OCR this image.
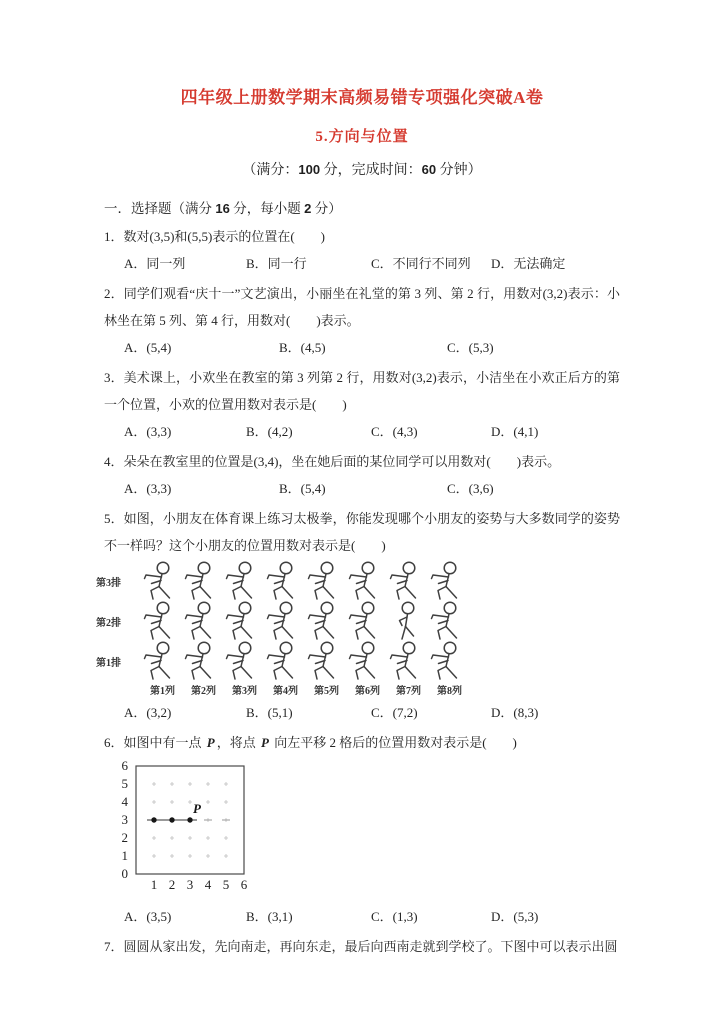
四年级上册数学期末高频易错专项强化突破A卷

5.方向与位置

（满分：100 分，完成时间：60 分钟）

一．选择题（满分 16 分，每小题 2 分）

1．数对(3,5)和(5,5)表示的位置在(　　)

A．同一列	B．同一行	C．不同行不同列	D．无法确定

2．同学们观看“庆十一”文艺演出，小丽坐在礼堂的第 3 列、第 2 行，用数对(3,2)表示：小林坐在第 5 列、第 4 行，用数对(　　)表示。

A．(5,4)	B．(4,5)	C．(5,3)

3．美术课上，小欢坐在教室的第 3 列第 2 行，用数对(3,2)表示，小洁坐在小欢正后方的第一个位置，小欢的位置用数对表示是(　　)

A．(3,3)	B．(4,2)	C．(4,3)	D．(4,1)

4．朵朵在教室里的位置是(3,4)，坐在她后面的某位同学可以用数对(　　)表示。

A．(3,3)	B．(5,4)	C．(3,6)

5．如图，小朋友在体育课上练习太极拳，你能发现哪个小朋友的姿势与大多数同学的姿势不一样吗？这个小朋友的位置用数对表示是(　　)

第3排
第2排
第1排
第1列	第2列	第3列	第4列	第5列	第6列	第7列	第8列
A．(3,2)	B．(5,1)	C．(7,2)	D．(8,3)

6．如图中有一点 P ，将点 P 向左平移 2 格后的位置用数对表示是(　　)

6
5
4
3
2
1
0
1 2 3 4 5 6
P
A．(3,5)	B．(3,1)	C．(1,3)	D．(5,3)

7．圆圆从家出发，先向南走，再向东走，最后向西南走就到学校了。下图中可以表示出圆
